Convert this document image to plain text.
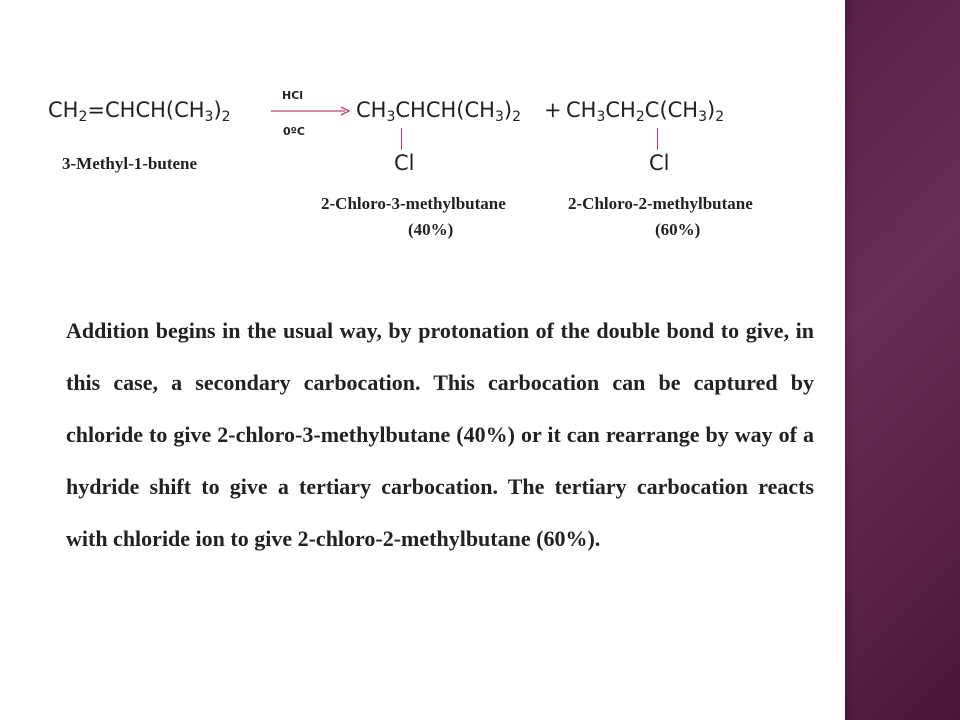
$CH_2=CHCH(CH_3)_2$
HCl
0ºC
$CH_3CHCH(CH_3)_2 + CH_3CH_2C(CH_3)_2$
Cl	Cl
3-Methyl-1-butene
2-Chloro-3-methylbutane	2-Chloro-2-methylbutane
(40%)	(60%)

Addition begins in the usual way, by protonation of the double bond to give, in this case, a secondary carbocation. This carbocation can be captured by chloride to give 2-chloro-3-methylbutane (40%) or it can rearrange by way of a hydride shift to give a tertiary carbocation. The tertiary carbocation reacts with chloride ion to give 2-chloro-2-methylbutane (60%).
